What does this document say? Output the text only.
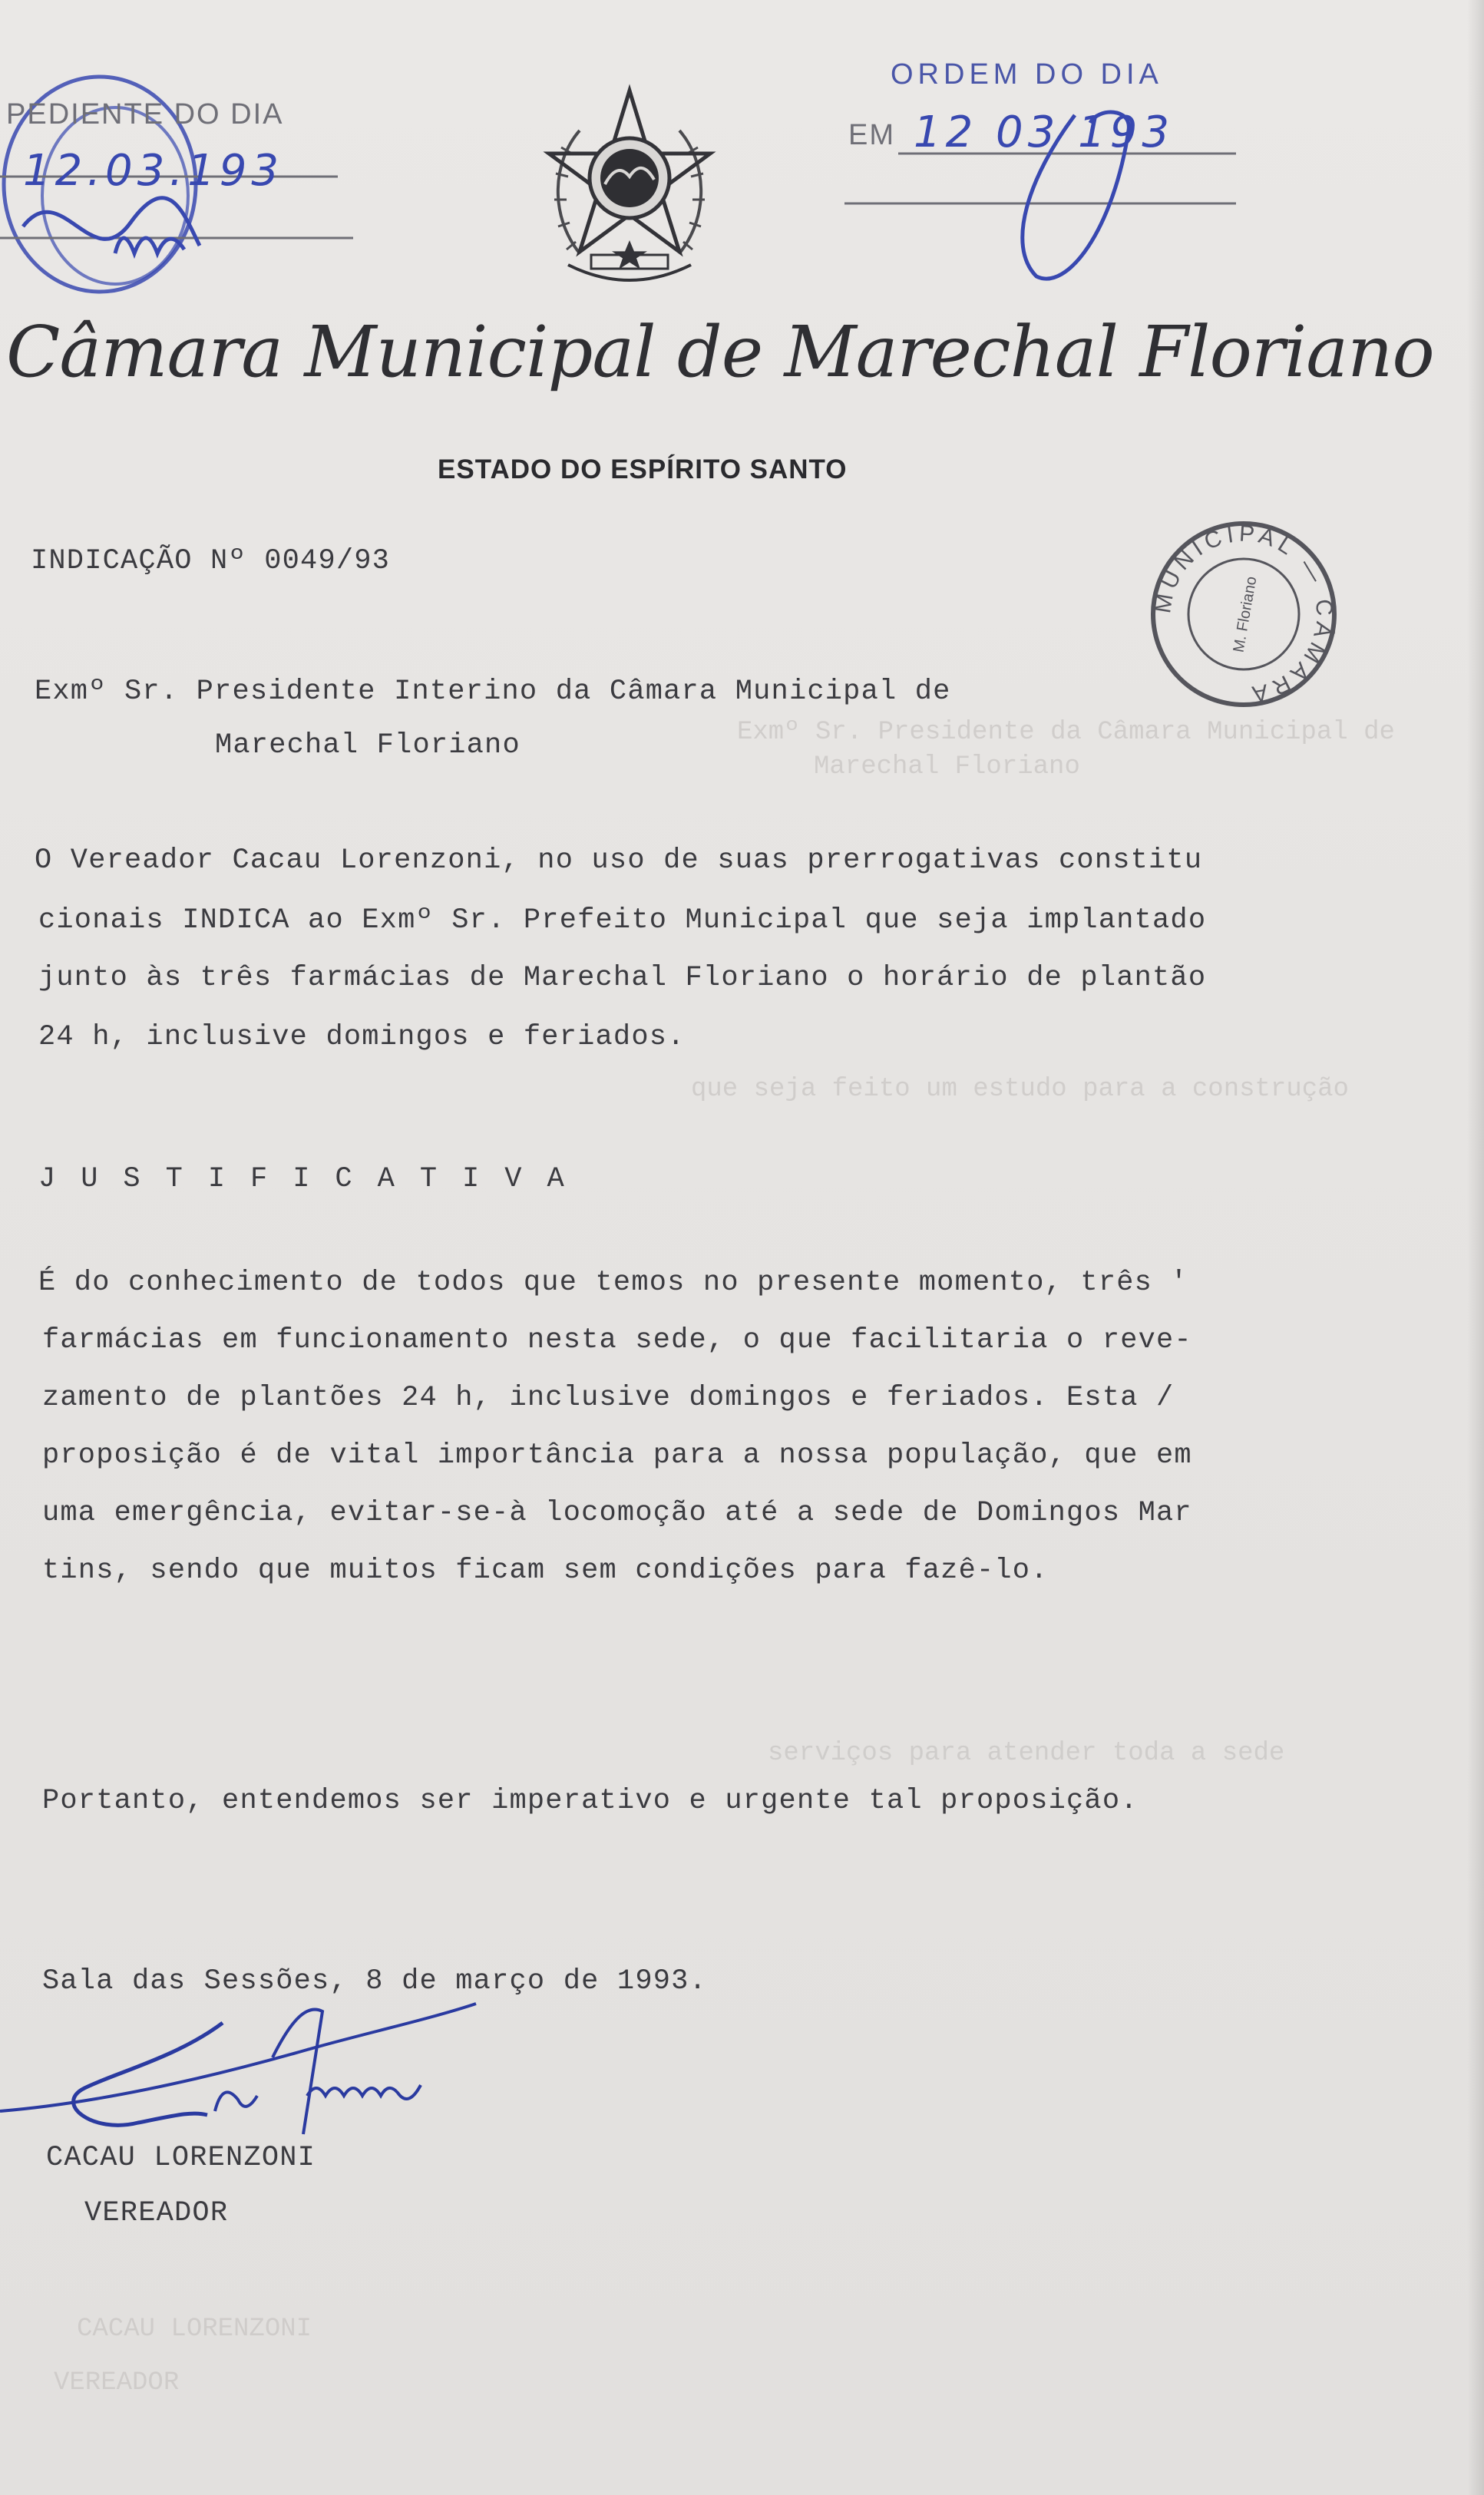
PEDIENTE DO DIA
12.03.193
ORDEM DO DIA
EM 12 03 193
Câmara Municipal de Marechal Floriano
ESTADO DO ESPÍRITO SANTO
MUNICIPAL — CÂMARA
M. Floriano
Exmº Sr. Presidente da Câmara Municipal de
Marechal Floriano
que seja feito um estudo para a construção
serviços para atender toda a sede
INDICAÇÃO Nº 0049/93
Exmº Sr. Presidente Interino da Câmara Municipal de
Marechal Floriano
O Vereador Cacau Lorenzoni, no uso de suas prerrogativas constitu
cionais INDICA ao Exmº Sr. Prefeito Municipal que seja implantado
junto às três farmácias de Marechal Floriano o horário de plantão
24 h, inclusive domingos e feriados.
JUSTIFICATIVA
É do conhecimento de todos que temos no presente momento, três '
farmácias em funcionamento nesta sede, o que facilitaria o reve-
zamento de plantões 24 h, inclusive domingos e feriados. Esta /
proposição é de vital importância para a nossa população, que em
uma emergência, evitar-se-à locomoção até a sede de Domingos Mar
tins, sendo que muitos ficam sem condições para fazê-lo.
Portanto, entendemos ser imperativo e urgente tal proposição.
Sala das Sessões, 8 de março de 1993.
CACAU LORENZONI
VEREADOR
CACAU LORENZONI
VEREADOR
